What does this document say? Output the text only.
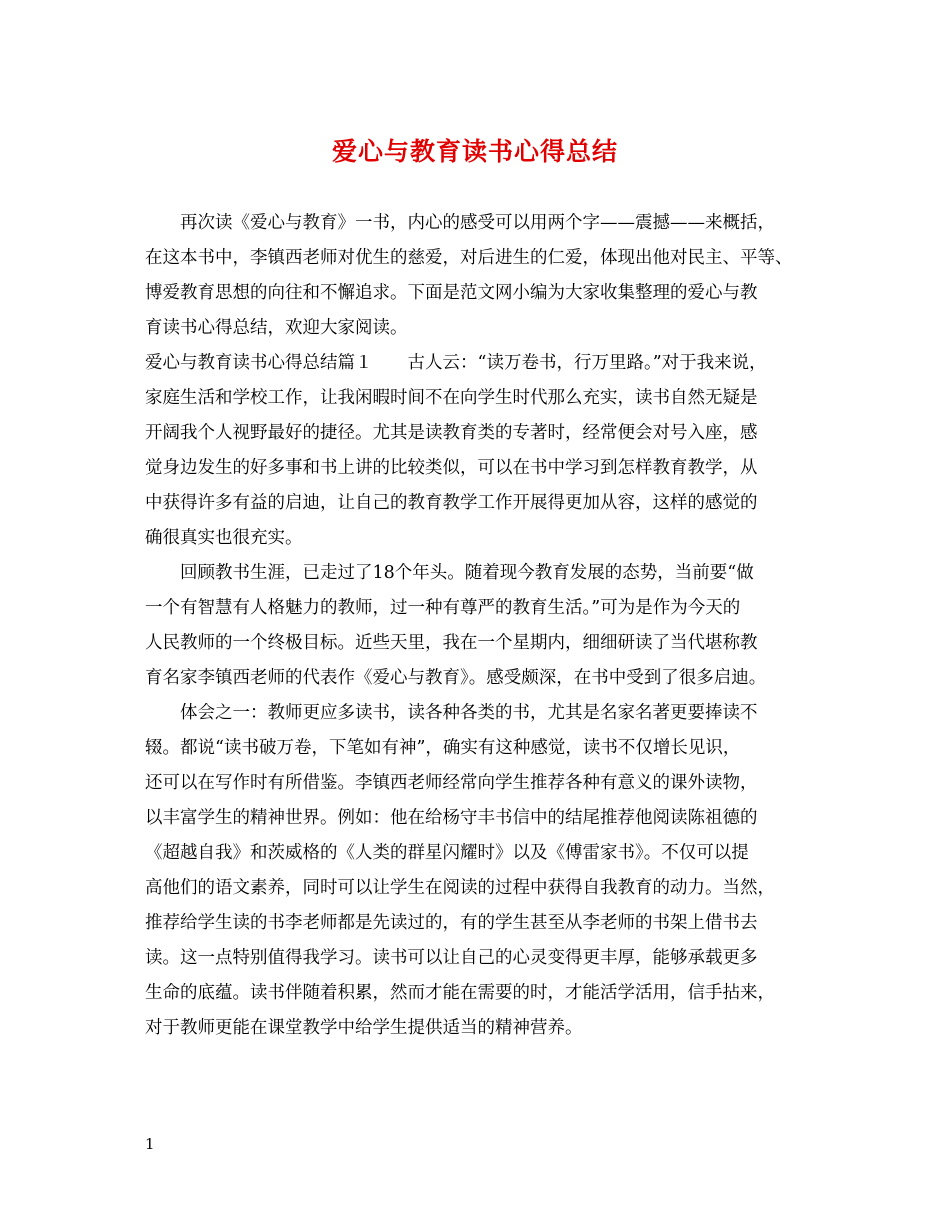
爱心与教育读书心得总结
再次读《爱心与教育》一书，内心的感受可以用两个字——震撼——来概括，
在这本书中，李镇西老师对优生的慈爱，对后进生的仁爱，体现出他对民主、平等、
博爱教育思想的向往和不懈追求。下面是范文网小编为大家收集整理的爱心与教
育读书心得总结，欢迎大家阅读。
爱心与教育读书心得总结篇１　　古人云：“读万卷书，行万里路。”对于我来说，
家庭生活和学校工作，让我闲暇时间不在向学生时代那么充实，读书自然无疑是
开阔我个人视野最好的捷径。尤其是读教育类的专著时，经常便会对号入座，感
觉身边发生的好多事和书上讲的比较类似，可以在书中学习到怎样教育教学，从
中获得许多有益的启迪，让自己的教育教学工作开展得更加从容，这样的感觉的
确很真实也很充实。
回顾教书生涯，已走过了18个年头。随着现今教育发展的态势，当前要“做
一个有智慧有人格魅力的教师，过一种有尊严的教育生活。”可为是作为今天的
人民教师的一个终极目标。近些天里，我在一个星期内，细细研读了当代堪称教
育名家李镇西老师的代表作《爱心与教育》。感受颇深，在书中受到了很多启迪。
体会之一：教师更应多读书，读各种各类的书，尤其是名家名著更要捧读不
辍。都说“读书破万卷，下笔如有神”，确实有这种感觉，读书不仅增长见识，
还可以在写作时有所借鉴。李镇西老师经常向学生推荐各种有意义的课外读物，
以丰富学生的精神世界。例如：他在给杨守丰书信中的结尾推荐他阅读陈祖德的
《超越自我》和茨威格的《人类的群星闪耀时》以及《傅雷家书》。不仅可以提
高他们的语文素养，同时可以让学生在阅读的过程中获得自我教育的动力。当然，
推荐给学生读的书李老师都是先读过的，有的学生甚至从李老师的书架上借书去
读。这一点特别值得我学习。读书可以让自己的心灵变得更丰厚，能够承载更多
生命的底蕴。读书伴随着积累，然而才能在需要的时，才能活学活用，信手拈来，
对于教师更能在课堂教学中给学生提供适当的精神营养。
1
